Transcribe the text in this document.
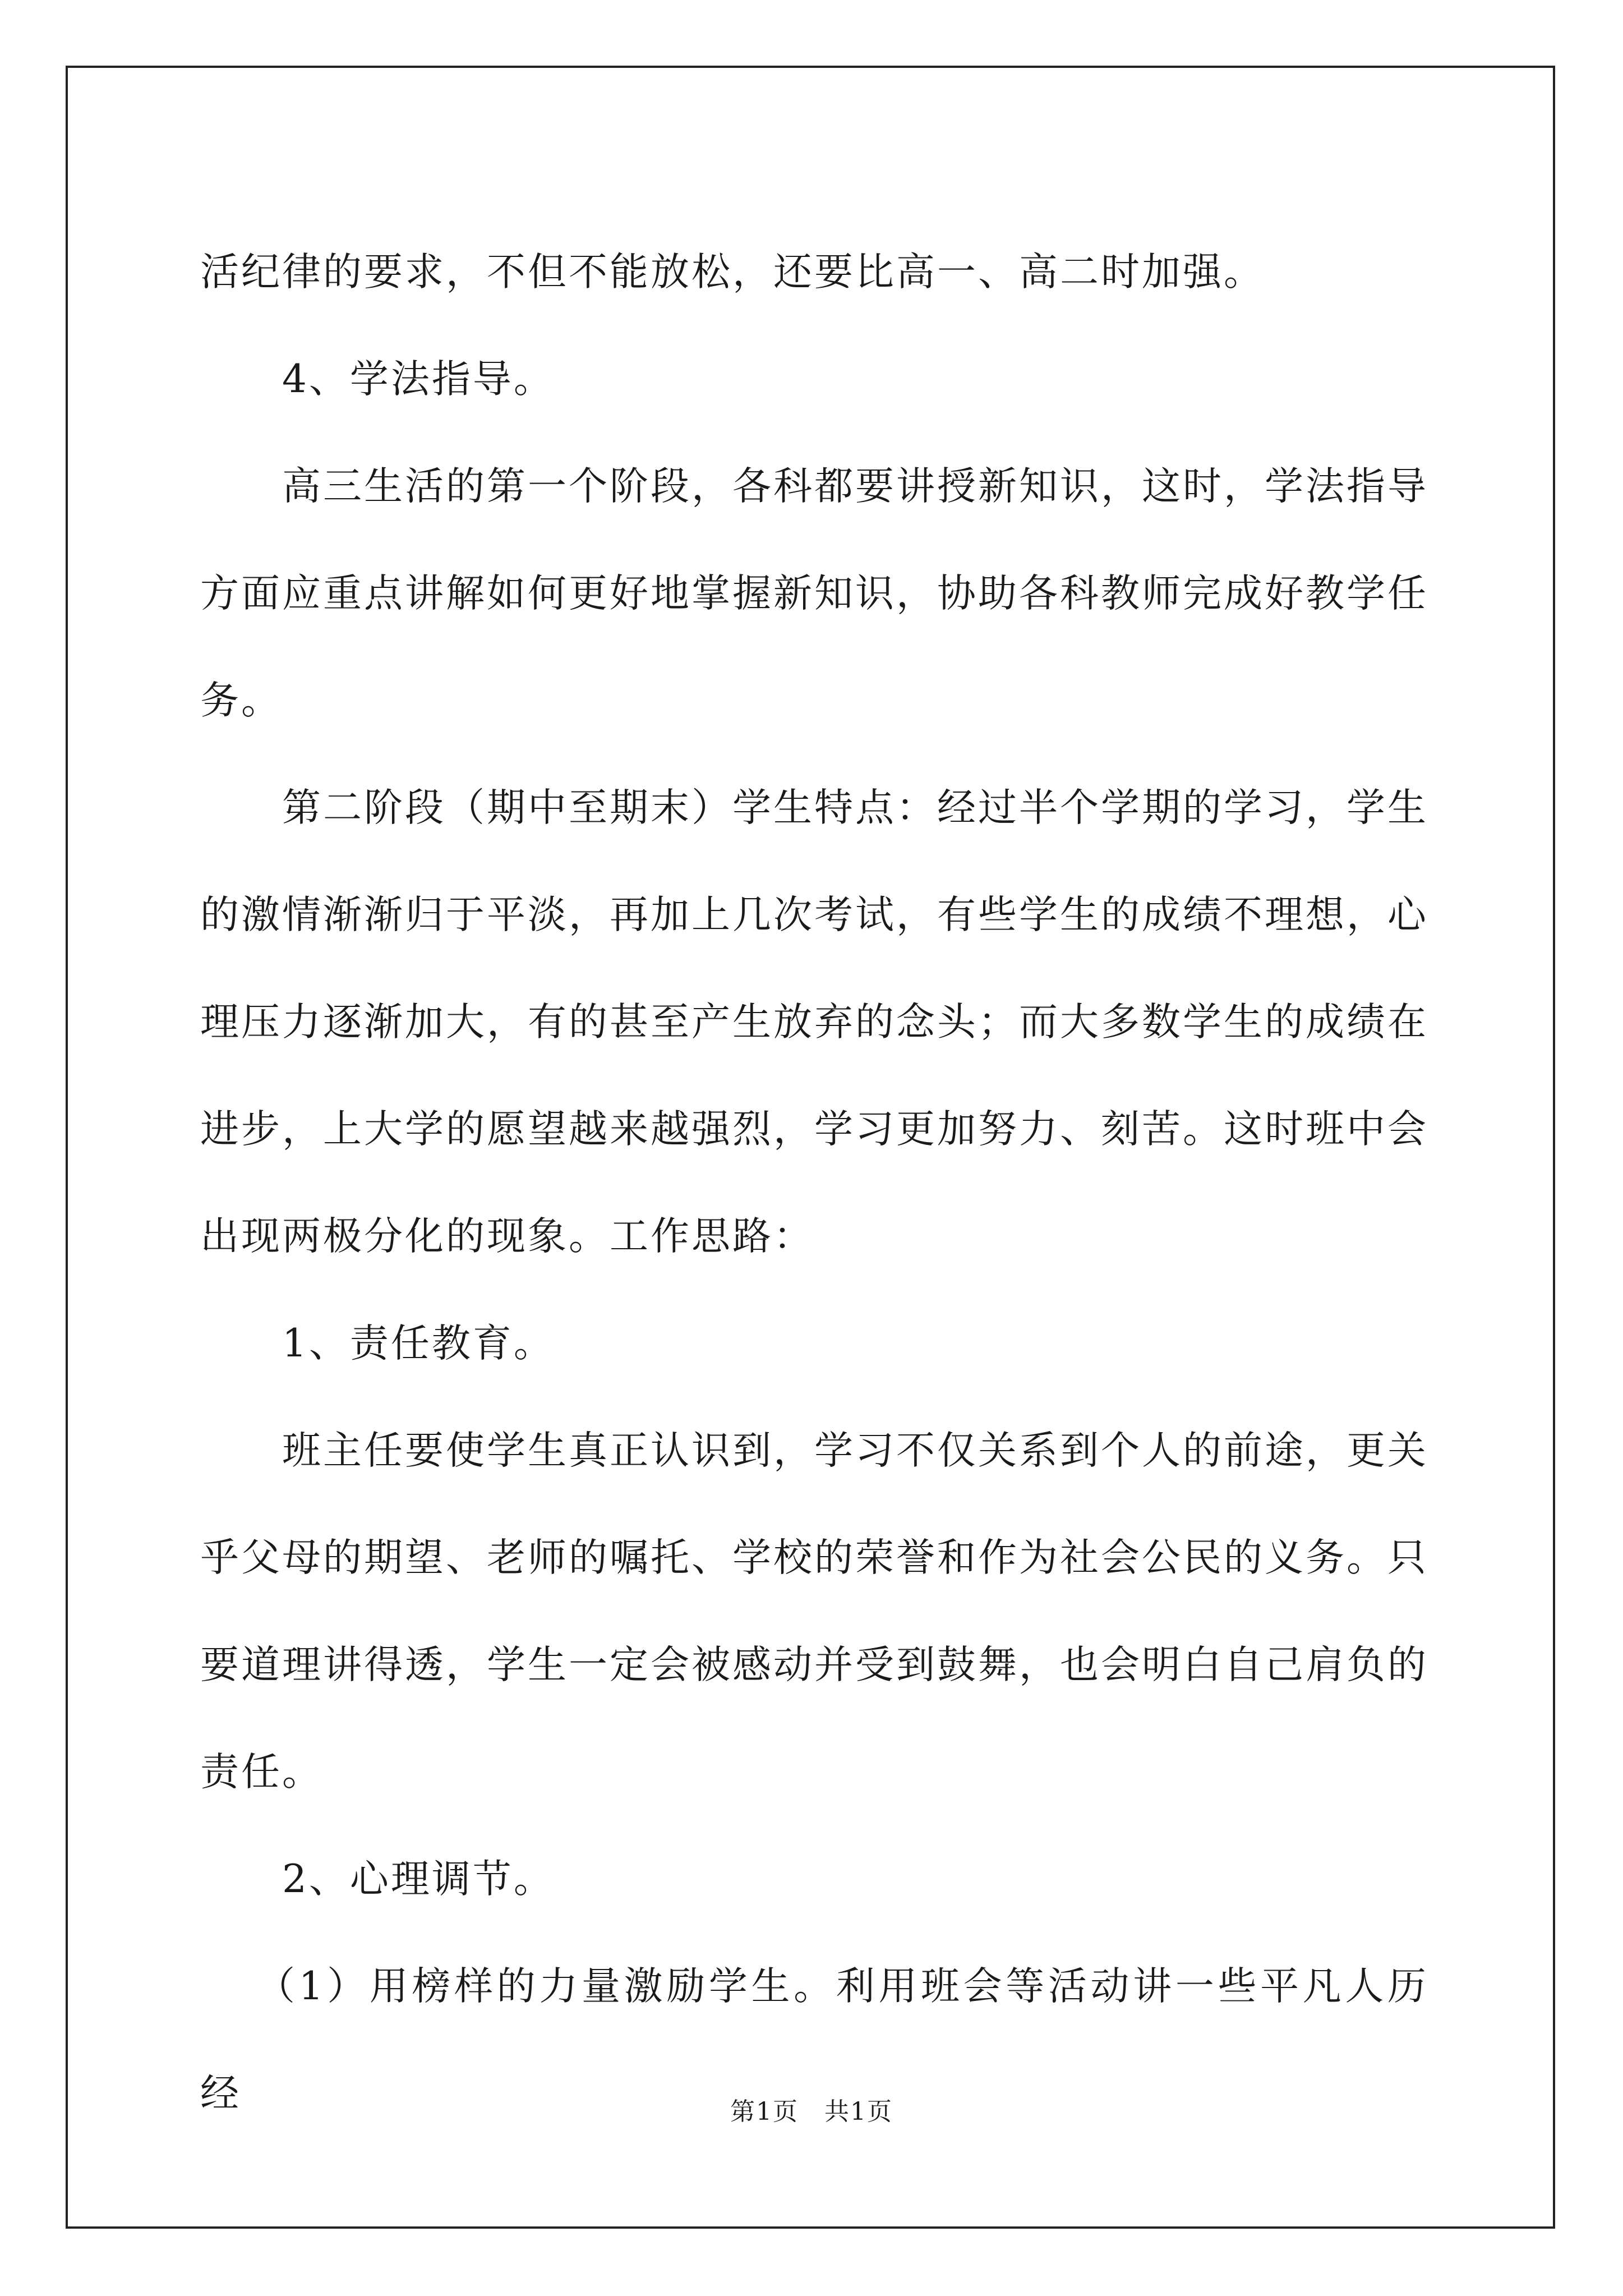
活纪律的要求，不但不能放松，还要比高一、高二时加强。

4、学法指导。

高三生活的第一个阶段，各科都要讲授新知识，这时，学法指导方面应重点讲解如何更好地掌握新知识，协助各科教师完成好教学任务。

第二阶段（期中至期末）学生特点：经过半个学期的学习，学生的激情渐渐归于平淡，再加上几次考试，有些学生的成绩不理想，心理压力逐渐加大，有的甚至产生放弃的念头；而大多数学生的成绩在进步，上大学的愿望越来越强烈，学习更加努力、刻苦。这时班中会出现两极分化的现象。工作思路：

1、责任教育。

班主任要使学生真正认识到，学习不仅关系到个人的前途，更关乎父母的期望、老师的嘱托、学校的荣誉和作为社会公民的义务。只要道理讲得透，学生一定会被感动并受到鼓舞，也会明白自己肩负的责任。

2、心理调节。

（1）用榜样的力量激励学生。利用班会等活动讲一些平凡人历经	第1页　共1页
